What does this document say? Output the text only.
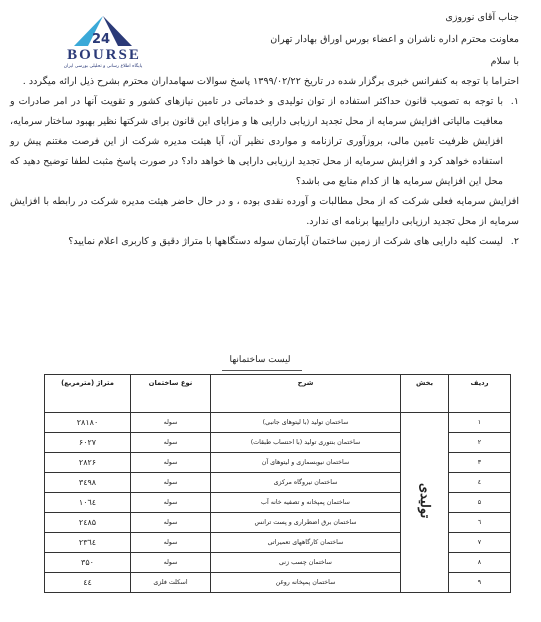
24
BOURSE
پایگاه اطلاع رسانی و تحلیلی بورسی ایران

جناب آقای نوروزی

معاونت محترم اداره ناشران و اعضاء بورس اوراق بهادار تهران

با سلام

احتراما با توجه به کنفرانس خبری برگزار شده در تاریخ ۱۳۹۹/۰۲/۲۲ پاسخ سوالات سهامداران محترم بشرح ذیل ارائه میگردد .

۱.
با توجه به تصویب قانون حداکثر استفاده از توان تولیدی و خدماتی در تامین نیازهای کشور و تقویت آنها در امر صادرات و معافیت مالیاتی افزایش سرمایه از محل تجدید ارزیابی دارایی ها و مزایای این قانون برای شرکتها نظیر بهبود ساختار سرمایه، افزایش ظرفیت تامین مالی، بروزآوری ترازنامه و مواردی نظیر آن، آیا هیئت مدیره شرکت از این فرصت مغتنم پیش رو استفاده خواهد کرد و افزایش سرمایه از محل تجدید ارزیابی دارایی ها خواهد داد؟ در صورت پاسخ مثبت لطفا توضیح دهید که محل این افزایش سرمایه ها از کدام منابع می باشد؟

افزایش سرمایه فعلی شرکت که از محل مطالبات و آورده نقدی بوده ، و در حال حاضر هیئت مدیره شرکت در رابطه با افزایش سرمایه از محل تجدید ارزیابی داراییها برنامه ای ندارد.

۲.
لیست کلیه دارایی های شرکت از زمین ساختمان آپارتمان سوله دستگاهها با متراژ دقیق و کاربری اعلام نمایید؟
لیست ساختمانها
ردیف	بخش	شرح	نوع ساختمان	متراژ (مترمربع)
۱	تولیدی	ساختمان تولید (با لیتوهای جانبی)	سوله	۲۸۱۸۰
۲		ساختمان بنتوری تولید (با احتساب طبقات)	سوله	۶۰۲۷
۳		ساختمان نیوبسمازی و لیتوهای آن	سوله	۲۸۲۶
٤		ساختمان نیروگاه مرکزی	سوله	۳٤۹۸
۵		ساختمان پمپخانه و تصفیه خانه آب	سوله	۱۰٦٤
٦		ساختمان برق اضطراری و پست ترانس	سوله	۲٤۸۵
۷		ساختمان کارگاههای تعمیراتی	سوله	۲۳٦٤
۸		ساختمان چسب زنی	سوله	۳۵۰
۹		ساختمان پمپخانه روغن	اسکلت فلزی	٤٤
